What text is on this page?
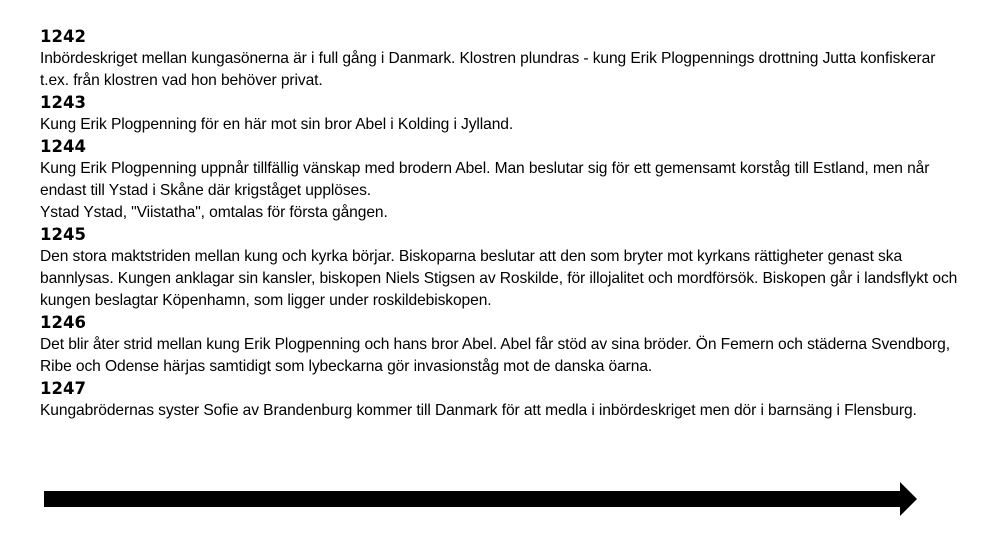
1242

Inbördeskriget mellan kungasönerna är i full gång i Danmark. Klostren plundras - kung Erik Plogpennings drottning Jutta konfiskerar t.ex. från klostren vad hon behöver privat.

1243

Kung Erik Plogpenning för en här mot sin bror Abel i Kolding i Jylland.

1244

Kung Erik Plogpenning uppnår tillfällig vänskap med brodern Abel. Man beslutar sig för ett gemensamt korståg till Estland, men når endast till Ystad i Skåne där krigståget upplöses.

Ystad Ystad, "Viistatha", omtalas för första gången.

1245

Den stora maktstriden mellan kung och kyrka börjar. Biskoparna beslutar att den som bryter mot kyrkans rättigheter genast ska bannlysas. Kungen anklagar sin kansler, biskopen Niels Stigsen av Roskilde, för illojalitet och mordförsök. Biskopen går i landsflykt och kungen beslagtar Köpenhamn, som ligger under roskildebiskopen.

1246

Det blir åter strid mellan kung Erik Plogpenning och hans bror Abel. Abel får stöd av sina bröder. Ön Femern och städerna Svendborg, Ribe och Odense härjas samtidigt som lybeckarna gör invasionståg mot de danska öarna.

1247

Kungabrödernas syster Sofie av Brandenburg kommer till Danmark för att medla i inbördeskriget men dör i barnsäng i Flensburg.
